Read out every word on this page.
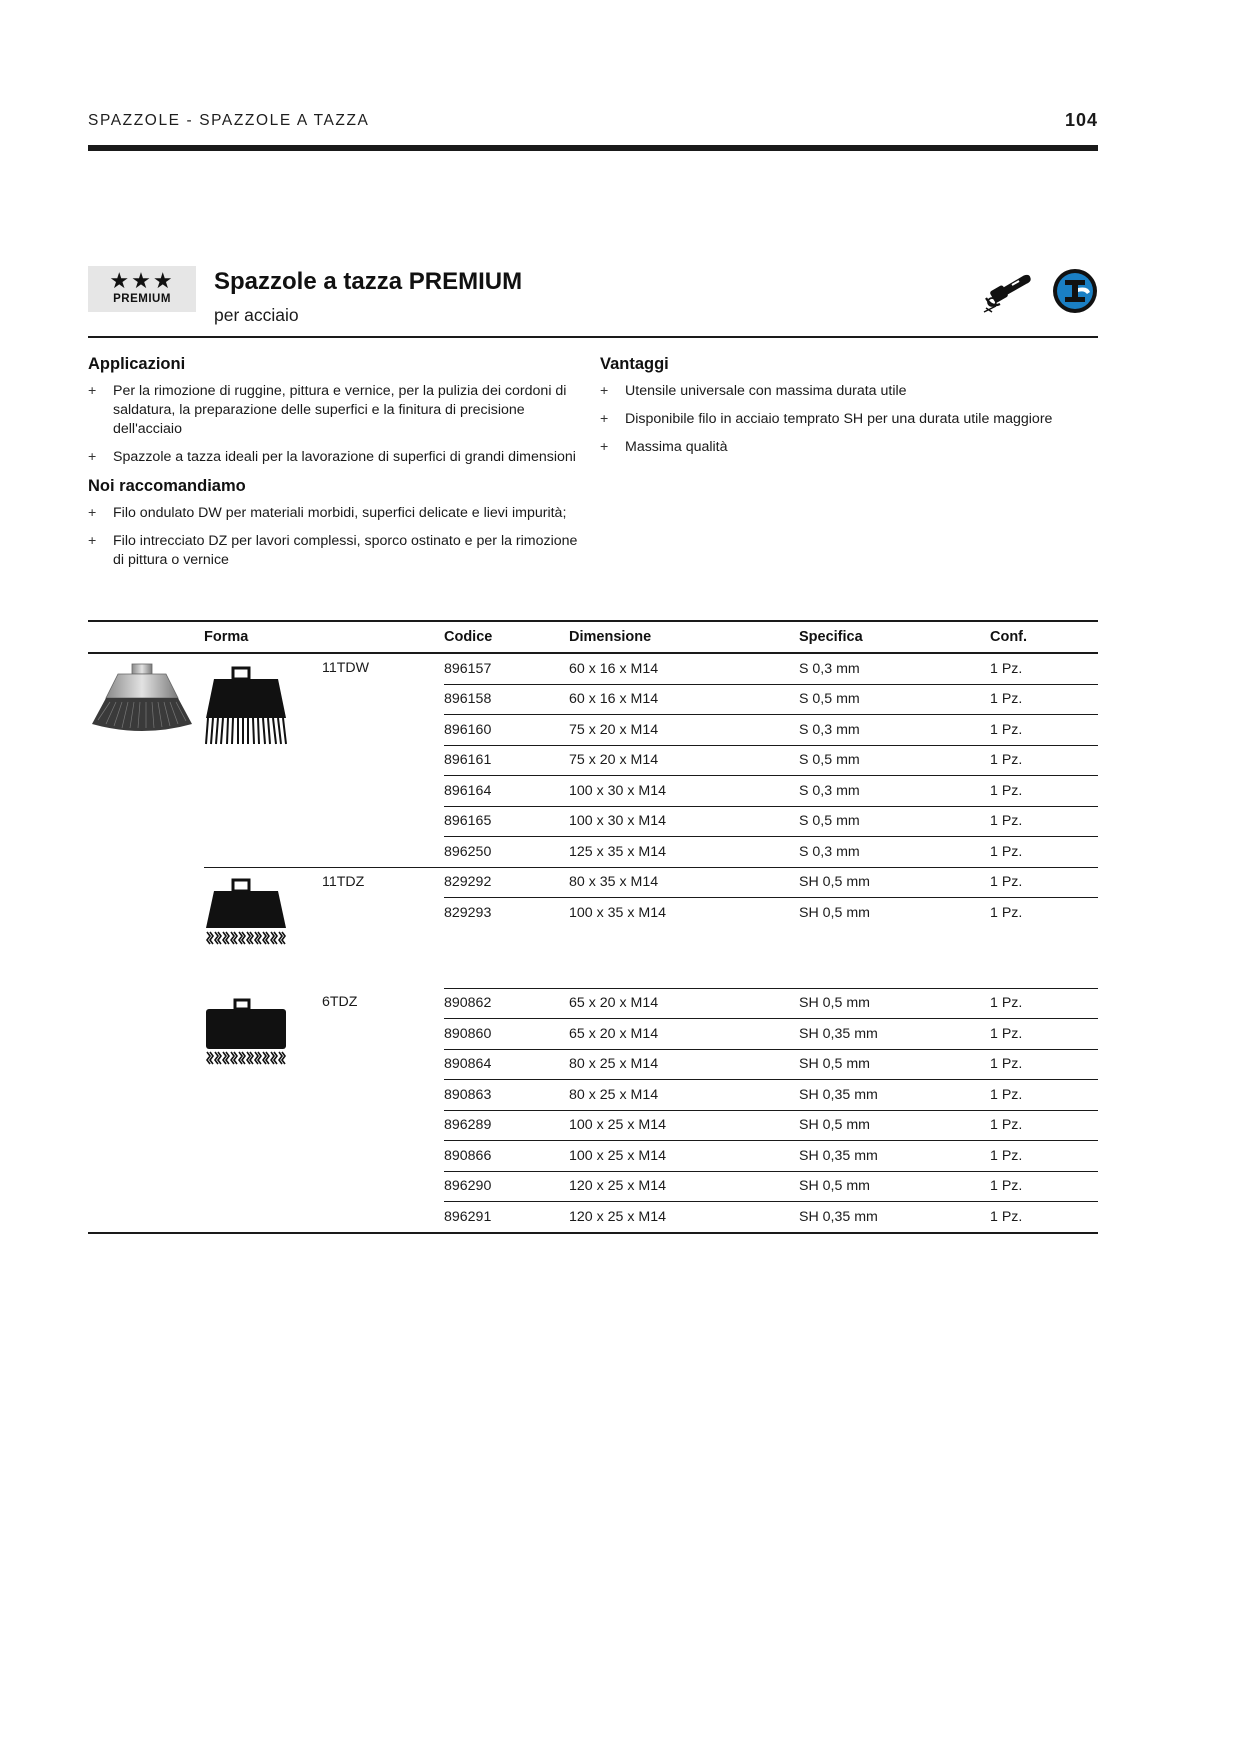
SPAZZOLE - SPAZZOLE A TAZZA	104
★★★
PREMIUM
Spazzole a tazza PREMIUM
per acciaio
Applicazioni
+	Per la rimozione di ruggine, pittura e vernice, per la pulizia dei cordoni di saldatura, la preparazione delle superfici e la finitura di precisione dell'acciaio
+	Spazzole a tazza ideali per la lavorazione di superfici di grandi dimensioni
Noi raccomandiamo
+	Filo ondulato DW per materiali morbidi, superfici delicate e lievi impurità;
+	Filo intrecciato DZ per lavori complessi, sporco ostinato e per la rimozione di pittura o vernice
Vantaggi
+	Utensile universale con massima durata utile
+	Disponibile filo in acciaio temprato SH per una durata utile maggiore
+	Massima qualità
	Forma		Codice	Dimensione	Specifica	Conf.
		11TDW	896157	60 x 16 x M14	S 0,3 mm	1 Pz.
			896158	60 x 16 x M14	S 0,5 mm	1 Pz.
			896160	75 x 20 x M14	S 0,3 mm	1 Pz.
			896161	75 x 20 x M14	S 0,5 mm	1 Pz.
			896164	100 x 30 x M14	S 0,3 mm	1 Pz.
			896165	100 x 30 x M14	S 0,5 mm	1 Pz.
			896250	125 x 35 x M14	S 0,3 mm	1 Pz.
	11TDZ	829292	80 x 35 x M14	SH 0,5 mm	1 Pz.
			829293	100 x 35 x M14	SH 0,5 mm	1 Pz.

	6TDZ	890862	65 x 20 x M14	SH 0,5 mm	1 Pz.
			890860	65 x 20 x M14	SH 0,35 mm	1 Pz.
			890864	80 x 25 x M14	SH 0,5 mm	1 Pz.
			890863	80 x 25 x M14	SH 0,35 mm	1 Pz.
			896289	100 x 25 x M14	SH 0,5 mm	1 Pz.
			890866	100 x 25 x M14	SH 0,35 mm	1 Pz.
			896290	120 x 25 x M14	SH 0,5 mm	1 Pz.
			896291	120 x 25 x M14	SH 0,35 mm	1 Pz.
